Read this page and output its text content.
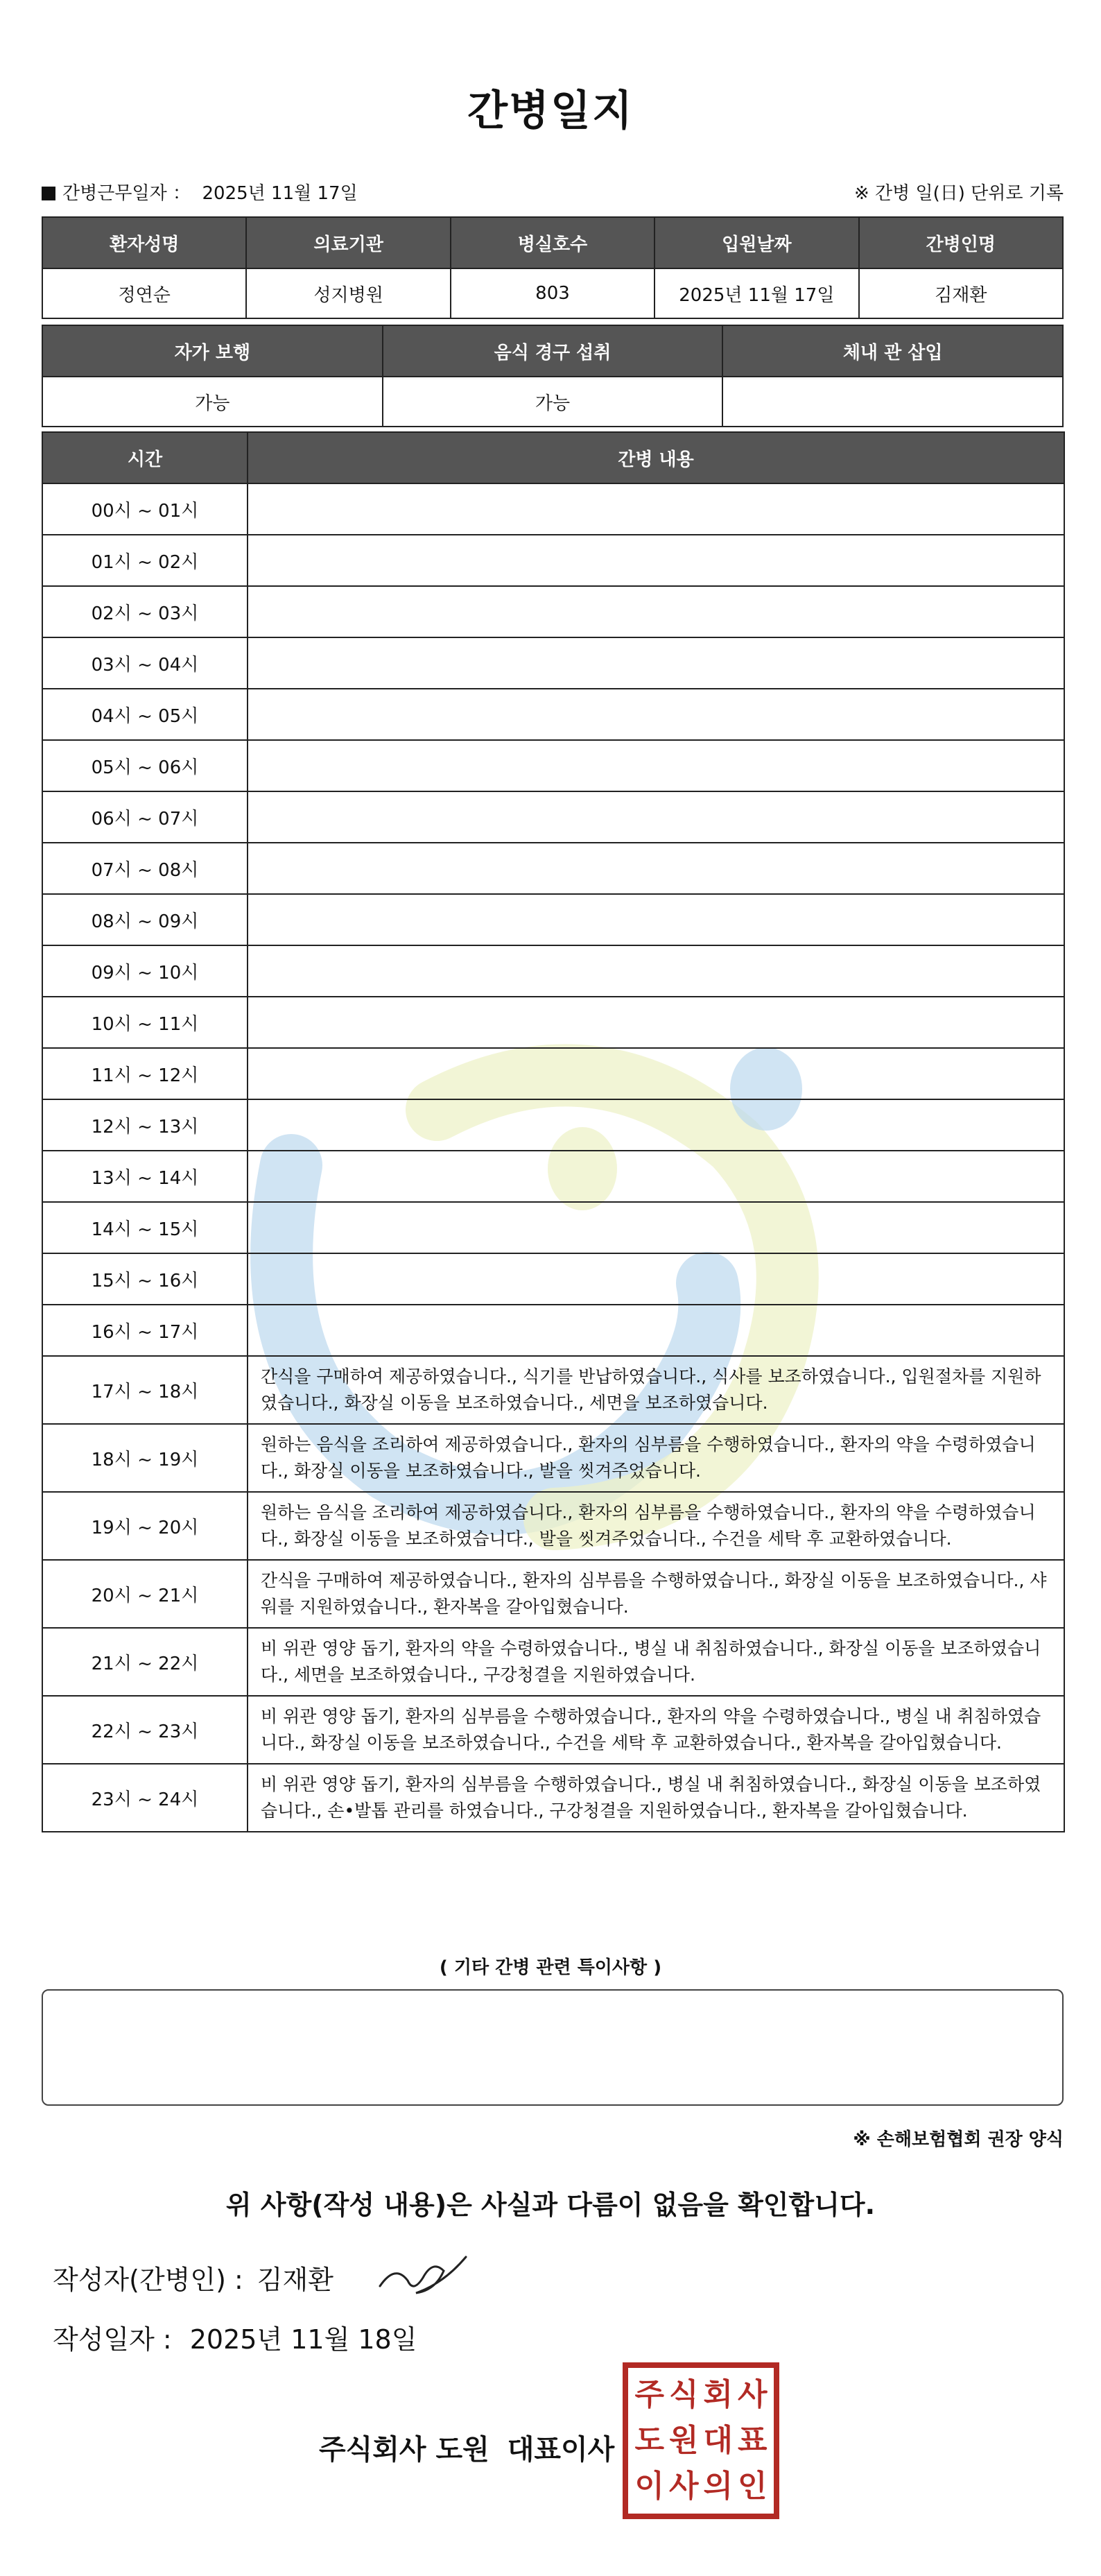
간병일지
간병근무일자 ： 2025년 11월 17일	※ 간병 일(日) 단위로 기록
환자성명	의료기관	병실호수	입원날짜	간병인명
정연순	성지병원	803	2025년 11월 17일	김재환
자가 보행	음식 경구 섭취	체내 관 삽입
가능	가능	
시간	간병 내용
00시 ~ 01시	
01시 ~ 02시	
02시 ~ 03시	
03시 ~ 04시	
04시 ~ 05시	
05시 ~ 06시	
06시 ~ 07시	
07시 ~ 08시	
08시 ~ 09시	
09시 ~ 10시	
10시 ~ 11시	
11시 ~ 12시	
12시 ~ 13시	
13시 ~ 14시	
14시 ~ 15시	
15시 ~ 16시	
16시 ~ 17시	
17시 ~ 18시	간식을 구매하여 제공하였습니다., 식기를 반납하였습니다., 식사를 보조하였습니다., 입원절차를 지원하였습니다., 화장실 이동을 보조하였습니다., 세면을 보조하였습니다.
18시 ~ 19시	원하는 음식을 조리하여 제공하였습니다., 환자의 심부름을 수행하였습니다., 환자의 약을 수령하였습니다., 화장실 이동을 보조하였습니다., 발을 씻겨주었습니다.
19시 ~ 20시	원하는 음식을 조리하여 제공하였습니다., 환자의 심부름을 수행하였습니다., 환자의 약을 수령하였습니다., 화장실 이동을 보조하였습니다., 발을 씻겨주었습니다., 수건을 세탁 후 교환하였습니다.
20시 ~ 21시	간식을 구매하여 제공하였습니다., 환자의 심부름을 수행하였습니다., 화장실 이동을 보조하였습니다., 샤워를 지원하였습니다., 환자복을 갈아입혔습니다.
21시 ~ 22시	비 위관 영양 돕기, 환자의 약을 수령하였습니다., 병실 내 취침하였습니다., 화장실 이동을 보조하였습니다., 세면을 보조하였습니다., 구강청결을 지원하였습니다.
22시 ~ 23시	비 위관 영양 돕기, 환자의 심부름을 수행하였습니다., 환자의 약을 수령하였습니다., 병실 내 취침하였습니다., 화장실 이동을 보조하였습니다., 수건을 세탁 후 교환하였습니다., 환자복을 갈아입혔습니다.
23시 ~ 24시	비 위관 영양 돕기, 환자의 심부름을 수행하였습니다., 병실 내 취침하였습니다., 화장실 이동을 보조하였습니다., 손•발톱 관리를 하였습니다., 구강청결을 지원하였습니다., 환자복을 갈아입혔습니다.
( 기타 간병 관련 특이사항 )
※ 손해보험협회 권장 양식
위 사항(작성 내용)은 사실과 다름이 없음을 확인합니다.
작성자(간병인) : 김재환
작성일자 : 2025년 11월 18일
주식회사 도원 대표이사
주 식 회 사
도 원 대 표
이 사 의 인
